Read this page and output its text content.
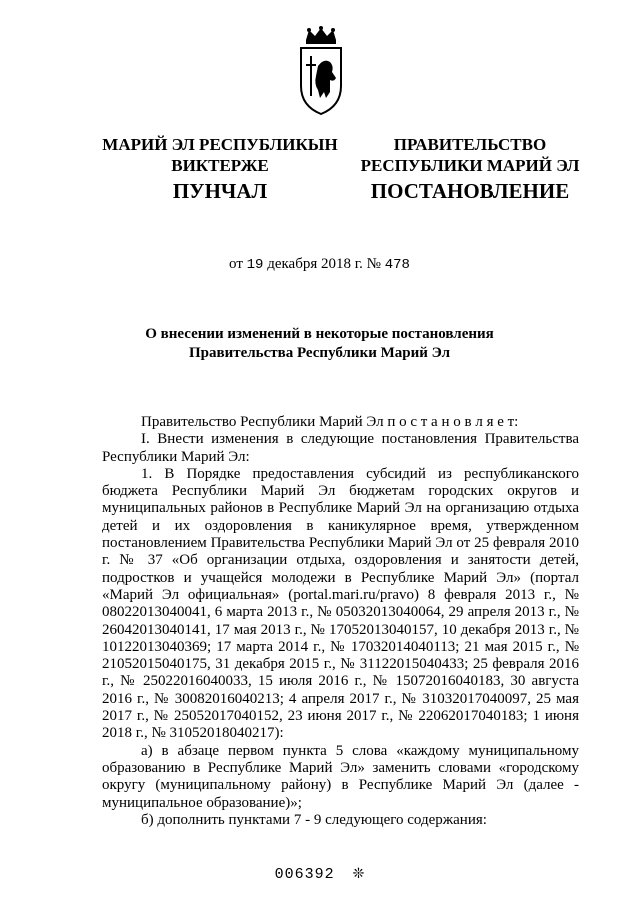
МАРИЙ ЭЛ РЕСПУБЛИКЫН
ВИКТЕРЖЕ
ПУНЧАЛ
ПРАВИТЕЛЬСТВО
РЕСПУБЛИКИ МАРИЙ ЭЛ
ПОСТАНОВЛЕНИЕ
от 19 декабря 2018 г. № 478
О внесении изменений в некоторые постановления
Правительства Республики Марий Эл

Правительство Республики Марий Эл п о с т а н о в л я е т:

I. Внести изменения в следующие постановления Правительства Республики Марий Эл:

1. В Порядке предоставления субсидий из республиканского бюджета Республики Марий Эл бюджетам городских округов и муниципальных районов в Республике Марий Эл на организацию отдыха детей и их оздоровления в каникулярное время, утвержденном постановлением Правительства Республики Марий Эл от 25 февраля 2010 г. № 37 «Об организации отдыха, оздоровления и занятости детей, подростков и учащейся молодежи в Республике Марий Эл» (портал «Марий Эл официальная» (portal.mari.ru/pravo) 8 февраля 2013 г., № 08022013040041, 6 марта 2013 г., № 05032013040064, 29 апреля 2013 г., № 26042013040141, 17 мая 2013 г., № 17052013040157, 10 декабря 2013 г., № 10122013040369; 17 марта 2014 г., № 17032014040113; 21 мая 2015 г., № 21052015040175, 31 декабря 2015 г., № 31122015040433; 25 февраля 2016 г., № 25022016040033, 15 июля 2016 г., № 15072016040183, 30 августа 2016 г., № 30082016040213; 4 апреля 2017 г., № 31032017040097, 25 мая 2017 г., № 25052017040152, 23 июня 2017 г., № 22062017040183; 1 июня 2018 г., № 31052018040217):

а) в абзаце первом пункта 5 слова «каждому муниципальному образованию в Республике Марий Эл» заменить словами «городскому округу (муниципальному району) в Республике Марий Эл (далее - муниципальное образование)»;

б) дополнить пунктами 7 - 9 следующего содержания:

006392 ❊
